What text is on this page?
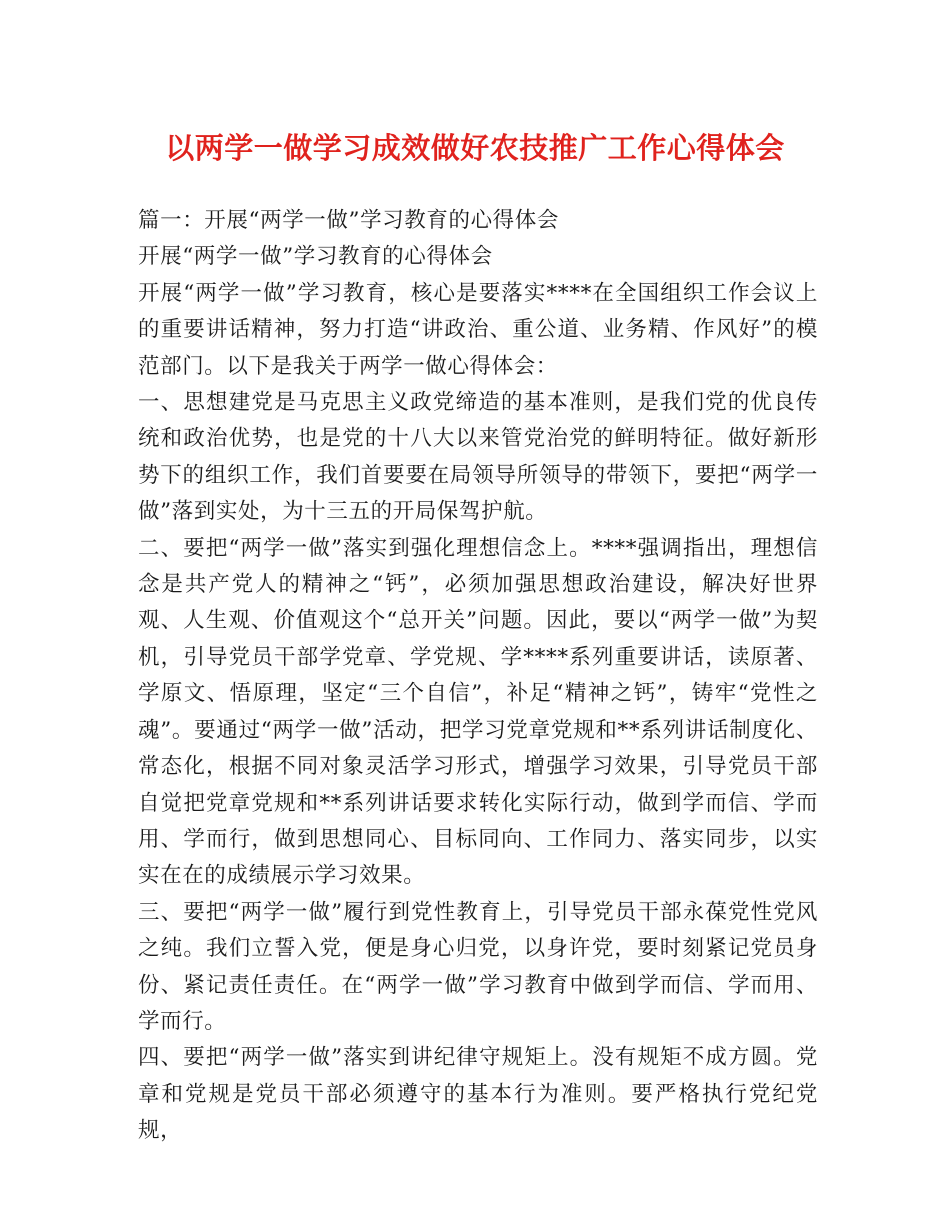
以两学一做学习成效做好农技推广工作心得体会

篇一：开展“两学一做”学习教育的心得体会

开展“两学一做”学习教育的心得体会

开展“两学一做”学习教育，核心是要落实****在全国组织工作会议上的重要讲话精神，努力打造“讲政治、重公道、业务精、作风好”的模范部门。以下是我关于两学一做心得体会：

一、思想建党是马克思主义政党缔造的基本准则，是我们党的优良传统和政治优势，也是党的十八大以来管党治党的鲜明特征。做好新形势下的组织工作，我们首要要在局领导所领导的带领下，要把“两学一做”落到实处，为十三五的开局保驾护航。

二、要把“两学一做”落实到强化理想信念上。****强调指出，理想信念是共产党人的精神之“钙”，必须加强思想政治建设，解决好世界观、人生观、价值观这个“总开关”问题。因此，要以“两学一做”为契机，引导党员干部学党章、学党规、学****系列重要讲话，读原著、学原文、悟原理，坚定“三个自信”，补足“精神之钙”，铸牢“党性之魂”。要通过“两学一做”活动，把学习党章党规和**系列讲话制度化、常态化，根据不同对象灵活学习形式，增强学习效果，引导党员干部自觉把党章党规和**系列讲话要求转化实际行动，做到学而信、学而用、学而行，做到思想同心、目标同向、工作同力、落实同步，以实实在在的成绩展示学习效果。

三、要把“两学一做”履行到党性教育上，引导党员干部永葆党性党风之纯。我们立誓入党，便是身心归党，以身许党，要时刻紧记党员身份、紧记责任责任。在“两学一做”学习教育中做到学而信、学而用、学而行。

四、要把“两学一做”落实到讲纪律守规矩上。没有规矩不成方圆。党章和党规是党员干部必须遵守的基本行为准则。要严格执行党纪党规，
